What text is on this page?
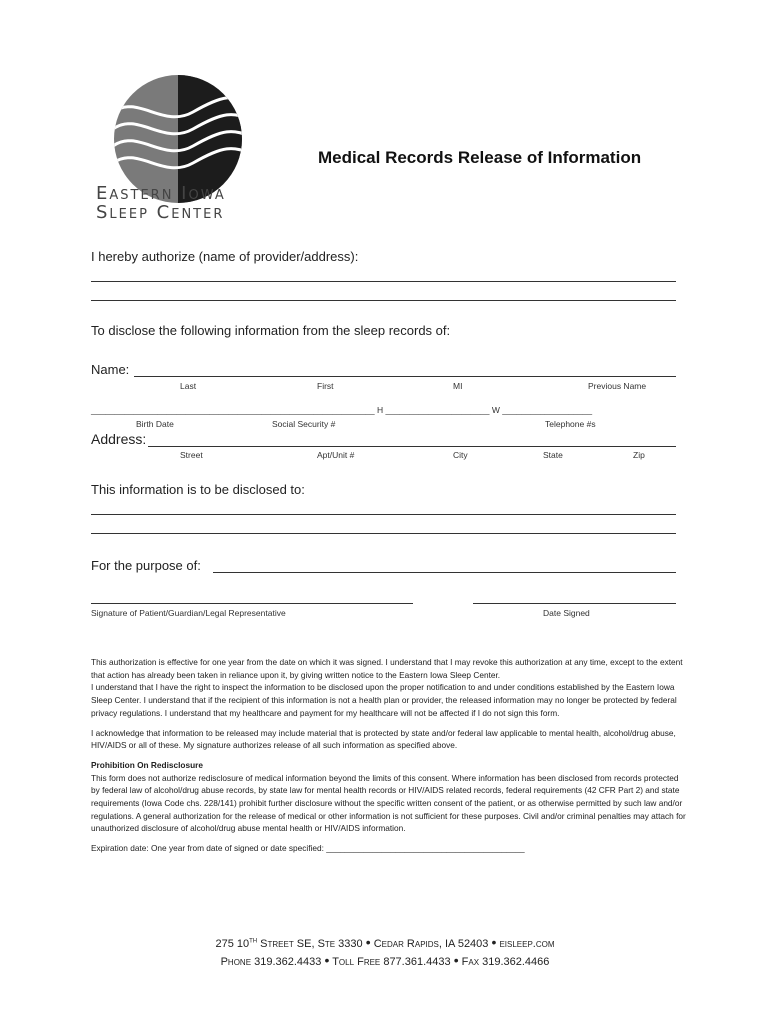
Eastern Iowa
Sleep Center
Medical Records Release of Information
I hereby authorize (name of provider/address):
To disclose the following information from the sleep records of:
Name:
Last	First	MI	Previous Name
____________________________________________________________ H ______________________ W ___________________
Birth Date	Social Security #	Telephone #s
Address:
Street	Apt/Unit #	City	State	Zip
This information is to be disclosed to:
For the purpose of:
Signature of Patient/Guardian/Legal Representative	Date Signed

This authorization is effective for one year from the date on which it was signed. I understand that I may revoke this authorization at any time, except to the extent that action has already been taken in reliance upon it, by giving written notice to the Eastern Iowa Sleep Center.

I understand that I have the right to inspect the information to be disclosed upon the proper notification to and under conditions established by the Eastern Iowa Sleep Center. I understand that if the recipient of this information is not a health plan or provider, the released information may no longer be protected by federal privacy regulations. I understand that my healthcare and payment for my healthcare will not be affected if I do not sign this form.

I acknowledge that information to be released may include material that is protected by state and/or federal law applicable to mental health, alcohol/drug abuse, HIV/AIDS or all of these. My signature authorizes release of all such information as specified above.

Prohibition On Redisclosure

This form does not authorize redisclosure of medical information beyond the limits of this consent. Where information has been disclosed from records protected by federal law of alcohol/drug abuse records, by state law for mental health records or HIV/AIDS related records, federal requirements (42 CFR Part 2) and state requirements (Iowa Code chs. 228/141) prohibit further disclosure without the specific written consent of the patient, or as otherwise permitted by such law and/or regulations. A general authorization for the release of medical or other information is not sufficient for these purposes. Civil and/or criminal penalties may attach for unauthorized disclosure of alcohol/drug abuse mental health or HIV/AIDS information.

Expiration date: One year from date of signed or date specified: ___________________________________________

275 10TH Street SE, Ste 3330 • Cedar Rapids, IA 52403 • eisleep.com
Phone 319.362.4433 • Toll Free 877.361.4433 • Fax 319.362.4466
